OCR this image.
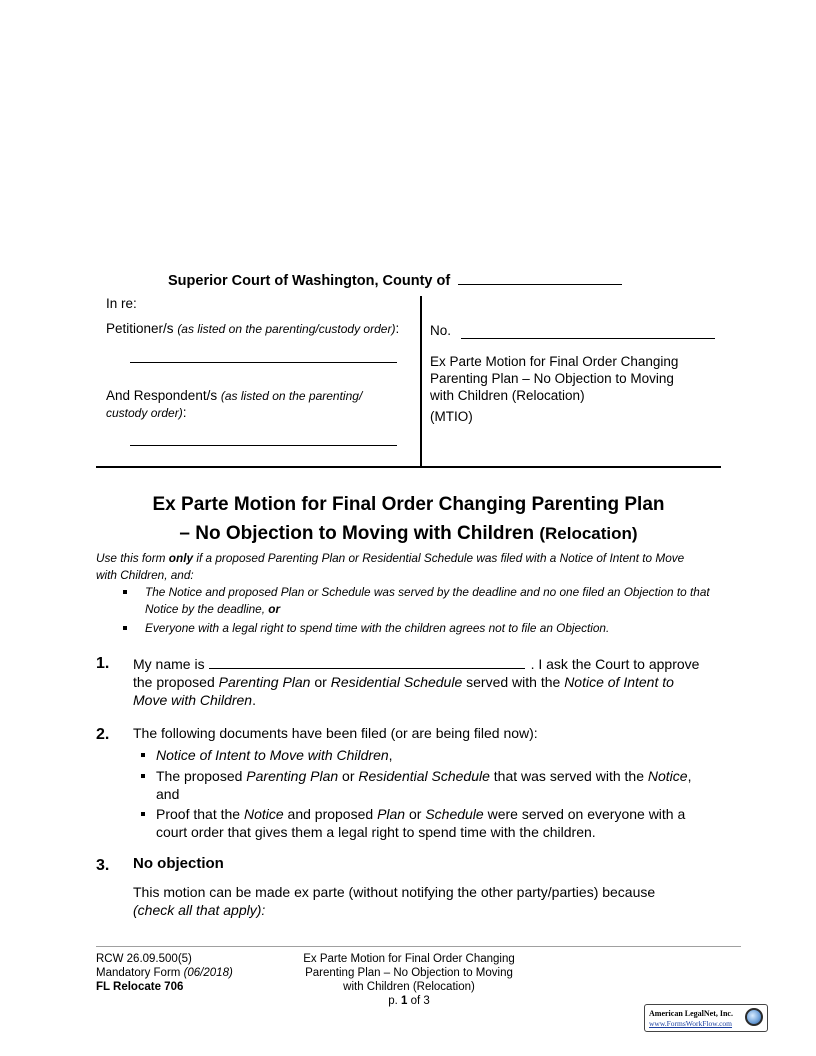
Superior Court of Washington, County of
In re:
Petitioner/s (as listed on the parenting/custody order):
And Respondent/s (as listed on the parenting/
custody order):
No.
Ex Parte Motion for Final Order Changing
Parenting Plan – No Objection to Moving
with Children (Relocation)
(MTIO)
Ex Parte Motion for Final Order Changing Parenting Plan
– No Objection to Moving with Children (Relocation)
Use this form only if a proposed Parenting Plan or Residential Schedule was filed with a Notice of Intent to Move
with Children, and:
The Notice and proposed Plan or Schedule was served by the deadline and no one filed an Objection to that
Notice by the deadline, or
Everyone with a legal right to spend time with the children agrees not to file an Objection.
1. My name is	. I ask the Court to approve
the proposed Parenting Plan or Residential Schedule served with the Notice of Intent to
Move with Children.
2. The following documents have been filed (or are being filed now):
Notice of Intent to Move with Children,
The proposed Parenting Plan or Residential Schedule that was served with the Notice,
and
Proof that the Notice and proposed Plan or Schedule were served on everyone with a
court order that gives them a legal right to spend time with the children.
3. No objection
This motion can be made ex parte (without notifying the other party/parties) because
(check all that apply):
RCW 26.09.500(5)
Mandatory Form (06/2018)
FL Relocate 706
Ex Parte Motion for Final Order Changing
Parenting Plan – No Objection to Moving
with Children (Relocation)
p. 1 of 3
American LegalNet, Inc.
www.FormsWorkFlow.com
